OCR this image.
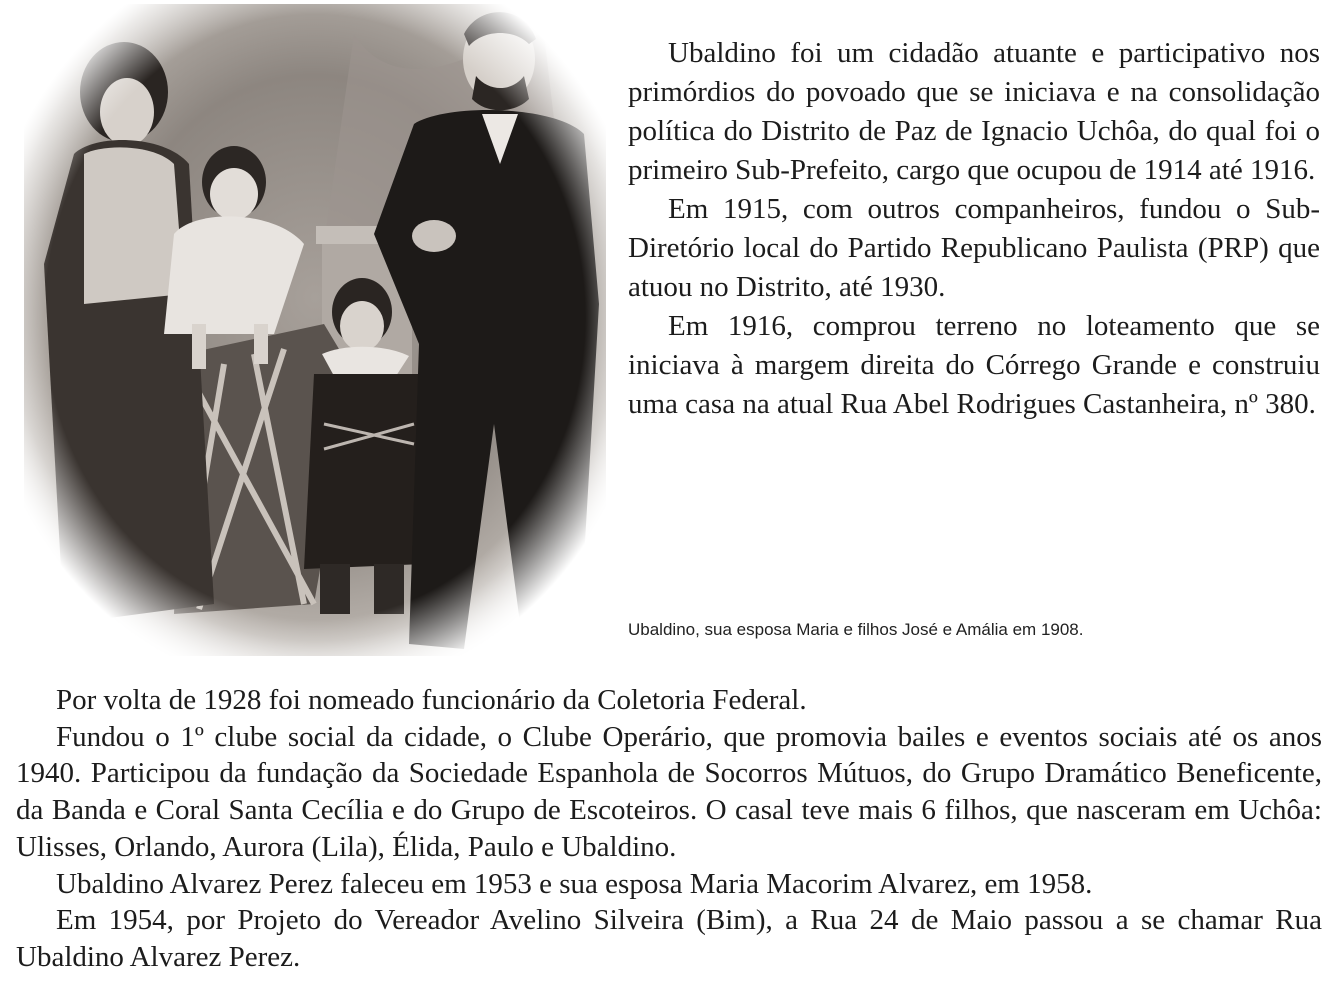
Ubaldino foi um cidadão atuante e participativo nos primórdios do povoado que se iniciava e na consolidação política do Distrito de Paz de Ignacio Uchôa, do qual foi o primeiro Sub-Prefeito, cargo que ocupou de 1914 até 1916.

Em 1915, com outros companheiros, fundou o Sub-Diretório local do Partido Republicano Paulista (PRP) que atuou no Distrito, até 1930.

Em 1916, comprou terreno no loteamento que se iniciava à margem direita do Córrego Grande e construiu uma casa na atual Rua Abel Rodrigues Castanheira, nº 380.

Ubaldino, sua esposa Maria e filhos José e Amália em 1908.

Por volta de 1928 foi nomeado funcionário da Coletoria Federal.

Fundou o 1º clube social da cidade, o Clube Operário, que promovia bailes e eventos sociais até os anos 1940. Participou da fundação da Sociedade Espanhola de Socorros Mútuos, do Grupo Dramático Beneficente, da Banda e Coral Santa Cecília e do Grupo de Escoteiros. O casal teve mais 6 filhos, que nasceram em Uchôa: Ulisses, Orlando, Aurora (Lila), Élida, Paulo e Ubaldino.

Ubaldino Alvarez Perez faleceu em 1953 e sua esposa Maria Macorim Alvarez, em 1958.

Em 1954, por Projeto do Vereador Avelino Silveira (Bim), a Rua 24 de Maio passou a se chamar Rua Ubaldino Alvarez Perez.
